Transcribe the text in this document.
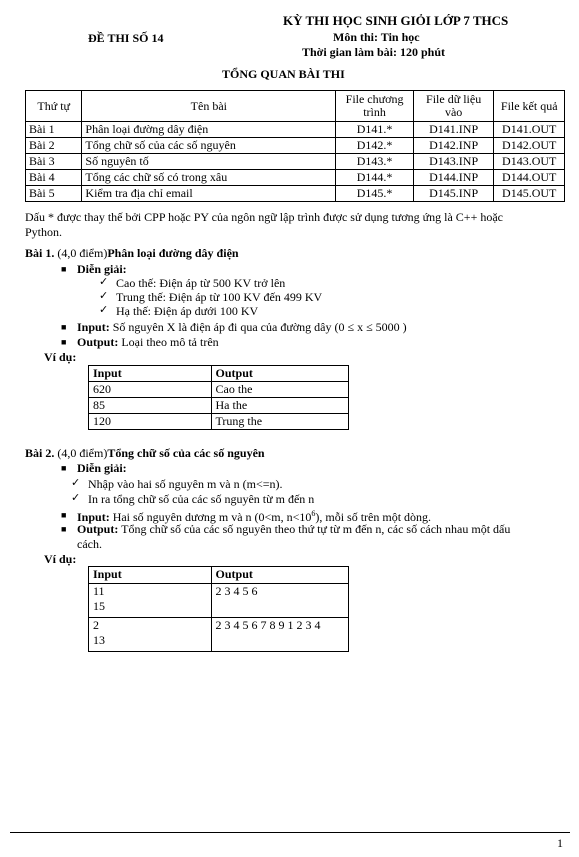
KỲ THI HỌC SINH GIỎI LỚP 7 THCS
ĐỀ THI SỐ 14	Môn thi: Tin học
Thời gian làm bài: 120 phút
TỔNG QUAN BÀI THI
Thứ tự	Tên bài	File chương trình	File dữ liệu vào	File kết quả
Bài 1	Phân loại đường dây điện	D141.*	D141.INP	D141.OUT
Bài 2	Tổng chữ số của các số nguyên	D142.*	D142.INP	D142.OUT
Bài 3	Số nguyên tố	D143.*	D143.INP	D143.OUT
Bài 4	Tổng các chữ số có trong xâu	D144.*	D144.INP	D144.OUT
Bài 5	Kiểm tra địa chỉ email	D145.*	D145.INP	D145.OUT
Dấu * được thay thế bởi CPP hoặc PY của ngôn ngữ lập trình được sử dụng tương ứng là C++ hoặc
Python.
Bài 1. (4,0 điểm)Phân loại đường dây điện
■ Diễn giải:
✓ Cao thế: Điện áp từ 500 KV trở lên
✓ Trung thế: Điện áp từ 100 KV đến 499 KV
✓ Hạ thế: Điện áp dưới 100 KV
■ Input: Số nguyên X là điện áp đi qua của đường dây (0 ≤ x ≤ 5000 )
■ Output: Loại theo mô tả trên
Ví dụ:
Input	Output
620	Cao the
85	Ha the
120	Trung the
Bài 2. (4,0 điểm)Tổng chữ số của các số nguyên
■ Diễn giải:
✓ Nhập vào hai số nguyên m và n (m<=n).
✓ In ra tổng chữ số của các số nguyên từ m đến n
■ Input: Hai số nguyên dương m và n (0<m, $n<10^6$), mỗi số trên một dòng.
■ Output: Tổng chữ số của các số nguyên theo thứ tự từ m đến n, các số cách nhau một dấu
cách.
Ví dụ:
Input	Output

11
15	2 3 4 5 6

2
13	2 3 4 5 6 7 8 9 1 2 3 4
1
